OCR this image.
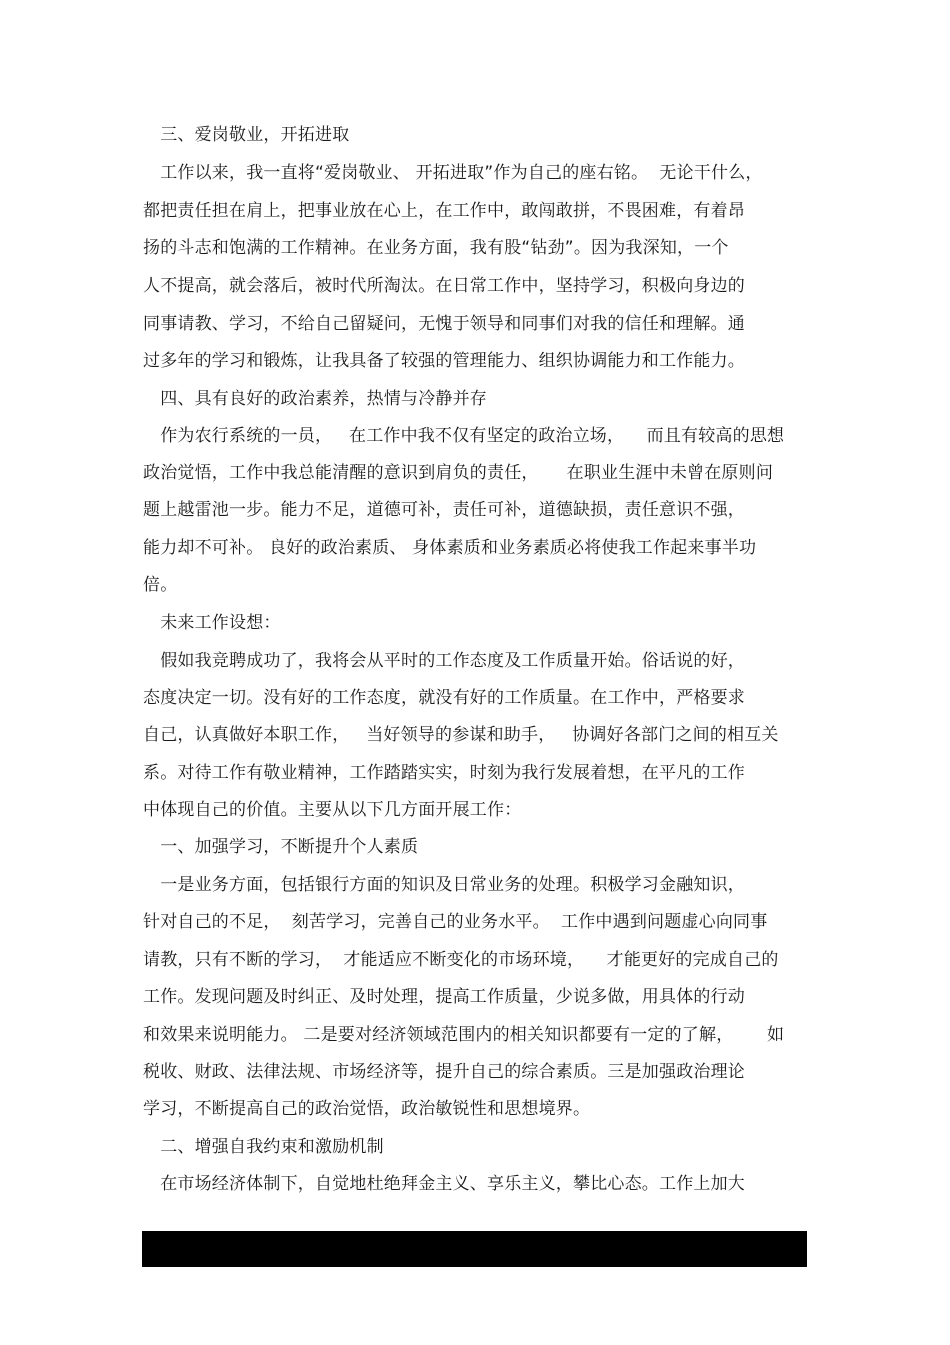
　三、爱岗敬业，开拓进取
　工作以来，我一直将“爱岗敬业、 开拓进取”作为自己的座右铭。  无论干什么，
都把责任担在肩上，把事业放在心上，在工作中，敢闯敢拼，不畏困难，有着昂
扬的斗志和饱满的工作精神。在业务方面，我有股“钻劲”。因为我深知，一个
人不提高，就会落后，被时代所淘汰。在日常工作中，坚持学习，积极向身边的
同事请教、学习，不给自己留疑问，无愧于领导和同事们对我的信任和理解。通
过多年的学习和锻炼，让我具备了较强的管理能力、组织协调能力和工作能力。
　四、具有良好的政治素养，热情与冷静并存
　作为农行系统的一员，   在工作中我不仅有坚定的政治立场，    而且有较高的思想
政治觉悟，工作中我总能清醒的意识到肩负的责任，     在职业生涯中未曾在原则问
题上越雷池一步。能力不足，道德可补，责任可补，道德缺损，责任意识不强，
能力却不可补。 良好的政治素质、 身体素质和业务素质必将使我工作起来事半功
倍。
　未来工作设想：
　假如我竞聘成功了，我将会从平时的工作态度及工作质量开始。俗话说的好，
态度决定一切。没有好的工作态度，就没有好的工作质量。在工作中，严格要求
自己，认真做好本职工作，   当好领导的参谋和助手，   协调好各部门之间的相互关
系。对待工作有敬业精神，工作踏踏实实，时刻为我行发展着想，在平凡的工作
中体现自己的价值。主要从以下几方面开展工作：
　一、加强学习，不断提升个人素质
　一是业务方面，包括银行方面的知识及日常业务的处理。积极学习金融知识，
针对自己的不足，  刻苦学习，完善自己的业务水平。  工作中遇到问题虚心向同事
请教，只有不断的学习，  才能适应不断变化的市场环境，    才能更好的完成自己的
工作。发现问题及时纠正、及时处理，提高工作质量，少说多做，用具体的行动
和效果来说明能力。 二是要对经济领域范围内的相关知识都要有一定的了解，      如
税收、财政、法律法规、市场经济等，提升自己的综合素质。三是加强政治理论
学习，不断提高自己的政治觉悟，政治敏锐性和思想境界。
　二、增强自我约束和激励机制
　在市场经济体制下，自觉地杜绝拜金主义、享乐主义，攀比心态。工作上加大
